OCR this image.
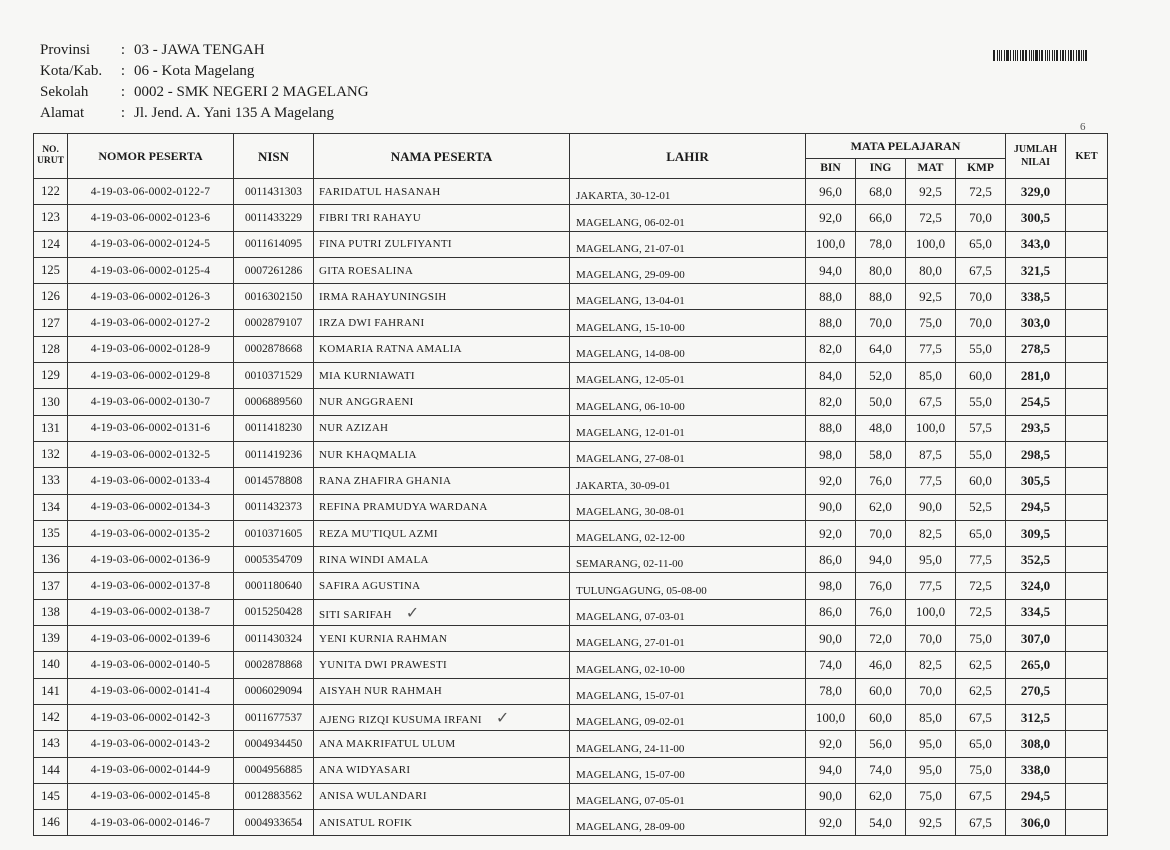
Provinsi	: 03 - JAWA TENGAH
Kota/Kab.	: 06 - Kota Magelang
Sekolah	: 0002 - SMK NEGERI 2 MAGELANG
Alamat	: Jl. Jend. A. Yani 135 A Magelang
6
NO. URUT	NOMOR PESERTA	NISN	NAMA PESERTA	LAHIR	MATA PELAJARAN				JUMLAH NILAI	KET
					BIN	ING	MAT	KMP		
122	4-19-03-06-0002-0122-7	0011431303	FARIDATUL HASANAH	JAKARTA, 30-12-01	96,0	68,0	92,5	72,5	329,0	
123	4-19-03-06-0002-0123-6	0011433229	FIBRI TRI RAHAYU	MAGELANG, 06-02-01	92,0	66,0	72,5	70,0	300,5	
124	4-19-03-06-0002-0124-5	0011614095	FINA PUTRI ZULFIYANTI	MAGELANG, 21-07-01	100,0	78,0	100,0	65,0	343,0	
125	4-19-03-06-0002-0125-4	0007261286	GITA ROESALINA	MAGELANG, 29-09-00	94,0	80,0	80,0	67,5	321,5	
126	4-19-03-06-0002-0126-3	0016302150	IRMA RAHAYUNINGSIH	MAGELANG, 13-04-01	88,0	88,0	92,5	70,0	338,5	
127	4-19-03-06-0002-0127-2	0002879107	IRZA DWI FAHRANI	MAGELANG, 15-10-00	88,0	70,0	75,0	70,0	303,0	
128	4-19-03-06-0002-0128-9	0002878668	KOMARIA RATNA AMALIA	MAGELANG, 14-08-00	82,0	64,0	77,5	55,0	278,5	
129	4-19-03-06-0002-0129-8	0010371529	MIA KURNIAWATI	MAGELANG, 12-05-01	84,0	52,0	85,0	60,0	281,0	
130	4-19-03-06-0002-0130-7	0006889560	NUR ANGGRAENI	MAGELANG, 06-10-00	82,0	50,0	67,5	55,0	254,5	
131	4-19-03-06-0002-0131-6	0011418230	NUR AZIZAH	MAGELANG, 12-01-01	88,0	48,0	100,0	57,5	293,5	
132	4-19-03-06-0002-0132-5	0011419236	NUR KHAQMALIA	MAGELANG, 27-08-01	98,0	58,0	87,5	55,0	298,5	
133	4-19-03-06-0002-0133-4	0014578808	RANA ZHAFIRA GHANIA	JAKARTA, 30-09-01	92,0	76,0	77,5	60,0	305,5	
134	4-19-03-06-0002-0134-3	0011432373	REFINA PRAMUDYA WARDANA	MAGELANG, 30-08-01	90,0	62,0	90,0	52,5	294,5	
135	4-19-03-06-0002-0135-2	0010371605	REZA MU'TIQUL AZMI	MAGELANG, 02-12-00	92,0	70,0	82,5	65,0	309,5	
136	4-19-03-06-0002-0136-9	0005354709	RINA WINDI AMALA	SEMARANG, 02-11-00	86,0	94,0	95,0	77,5	352,5	
137	4-19-03-06-0002-0137-8	0001180640	SAFIRA AGUSTINA	TULUNGAGUNG, 05-08-00	98,0	76,0	77,5	72,5	324,0	
138	4-19-03-06-0002-0138-7	0015250428	SITI SARIFAH ✓	MAGELANG, 07-03-01	86,0	76,0	100,0	72,5	334,5	
139	4-19-03-06-0002-0139-6	0011430324	YENI KURNIA RAHMAN	MAGELANG, 27-01-01	90,0	72,0	70,0	75,0	307,0	
140	4-19-03-06-0002-0140-5	0002878868	YUNITA DWI PRAWESTI	MAGELANG, 02-10-00	74,0	46,0	82,5	62,5	265,0	
141	4-19-03-06-0002-0141-4	0006029094	AISYAH NUR RAHMAH	MAGELANG, 15-07-01	78,0	60,0	70,0	62,5	270,5	
142	4-19-03-06-0002-0142-3	0011677537	AJENG RIZQI KUSUMA IRFANI ✓	MAGELANG, 09-02-01	100,0	60,0	85,0	67,5	312,5	
143	4-19-03-06-0002-0143-2	0004934450	ANA MAKRIFATUL ULUM	MAGELANG, 24-11-00	92,0	56,0	95,0	65,0	308,0	
144	4-19-03-06-0002-0144-9	0004956885	ANA WIDYASARI	MAGELANG, 15-07-00	94,0	74,0	95,0	75,0	338,0	
145	4-19-03-06-0002-0145-8	0012883562	ANISA WULANDARI	MAGELANG, 07-05-01	90,0	62,0	75,0	67,5	294,5	
146	4-19-03-06-0002-0146-7	0004933654	ANISATUL ROFIK	MAGELANG, 28-09-00	92,0	54,0	92,5	67,5	306,0	
